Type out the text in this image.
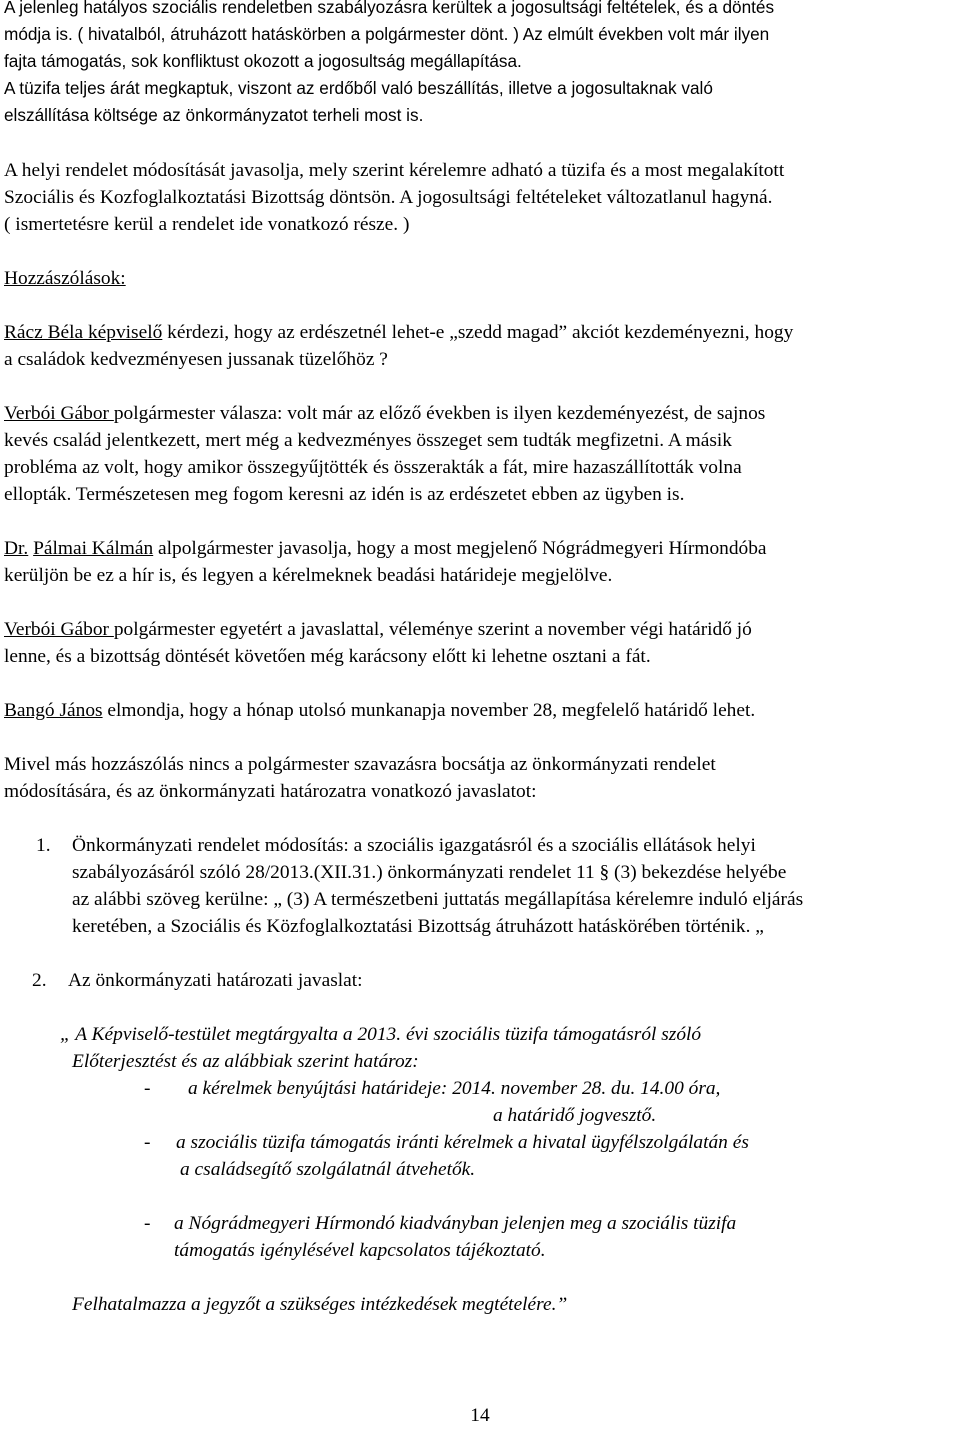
A jelenleg hatályos szociális rendeletben szabályozásra kerültek a jogosultsági feltételek, és a döntés
módja is. ( hivatalból, átruházott hatáskörben a polgármester dönt. ) Az elmúlt években volt már ilyen
fajta támogatás, sok konfliktust okozott a jogosultság megállapítása.
A tüzifa teljes árát megkaptuk, viszont az erdőből való beszállítás, illetve a jogosultaknak való
elszállítása költsége az önkormányzatot terheli most is.
A helyi rendelet módosítását javasolja, mely szerint kérelemre adható a tüzifa és a most megalakított
Szociális és Kozfoglalkoztatási Bizottság döntsön. A jogosultsági feltételeket változatlanul hagyná.
( ismertetésre kerül a rendelet ide vonatkozó része. )
Hozzászólások:
Rácz Béla képviselő kérdezi, hogy az erdészetnél lehet-e „szedd magad” akciót kezdeményezni, hogy
a családok kedvezményesen jussanak tüzelőhöz ?
Verbói Gábor polgármester válasza: volt már az előző években is ilyen kezdeményezést, de sajnos
kevés család jelentkezett, mert még a kedvezményes összeget sem tudták megfizetni. A másik
probléma az volt, hogy amikor összegyűjtötték és összerakták a fát, mire hazaszállították volna
ellopták. Természetesen meg fogom keresni az idén is az erdészetet ebben az ügyben is.
Dr. Pálmai Kálmán alpolgármester javasolja, hogy a most megjelenő Nógrádmegyeri Hírmondóba
kerüljön be ez a hír is, és legyen a kérelmeknek beadási határideje megjelölve.
Verbói Gábor polgármester egyetért a javaslattal, véleménye szerint a november végi határidő jó
lenne, és a bizottság döntését követően még karácsony előtt ki lehetne osztani a fát.
Bangó János elmondja, hogy a hónap utolsó munkanapja november 28, megfelelő határidő lehet.
Mivel más hozzászólás nincs a polgármester szavazásra bocsátja az önkormányzati rendelet
módosítására, és az önkormányzati határozatra vonatkozó javaslatot:
1. Önkormányzati rendelet módosítás: a szociális igazgatásról és a szociális ellátások helyi
szabályozásáról szóló 28/2013.(XII.31.) önkormányzati rendelet 11 § (3) bekezdése helyébe
az alábbi szöveg kerülne: „ (3) A természetbeni juttatás megállapítása kérelemre induló eljárás
keretében, a Szociális és Közfoglalkoztatási Bizottság átruházott hatáskörében történik. „
2. Az önkormányzati határozati javaslat:
„ A Képviselő-testület megtárgyalta a 2013. évi szociális tüzifa támogatásról szóló
Előterjesztést és az alábbiak szerint határoz:
- a kérelmek benyújtási határideje: 2014. november 28. du. 14.00 óra,
a határidő jogvesztő.
- a szociális tüzifa támogatás iránti kérelmek a hivatal ügyfélszolgálatán és
a családsegítő szolgálatnál átvehetők.
- a Nógrádmegyeri Hírmondó kiadványban jelenjen meg a szociális tüzifa
támogatás igénylésével kapcsolatos tájékoztató.
Felhatalmazza a jegyzőt a szükséges intézkedések megtételére.”
14
